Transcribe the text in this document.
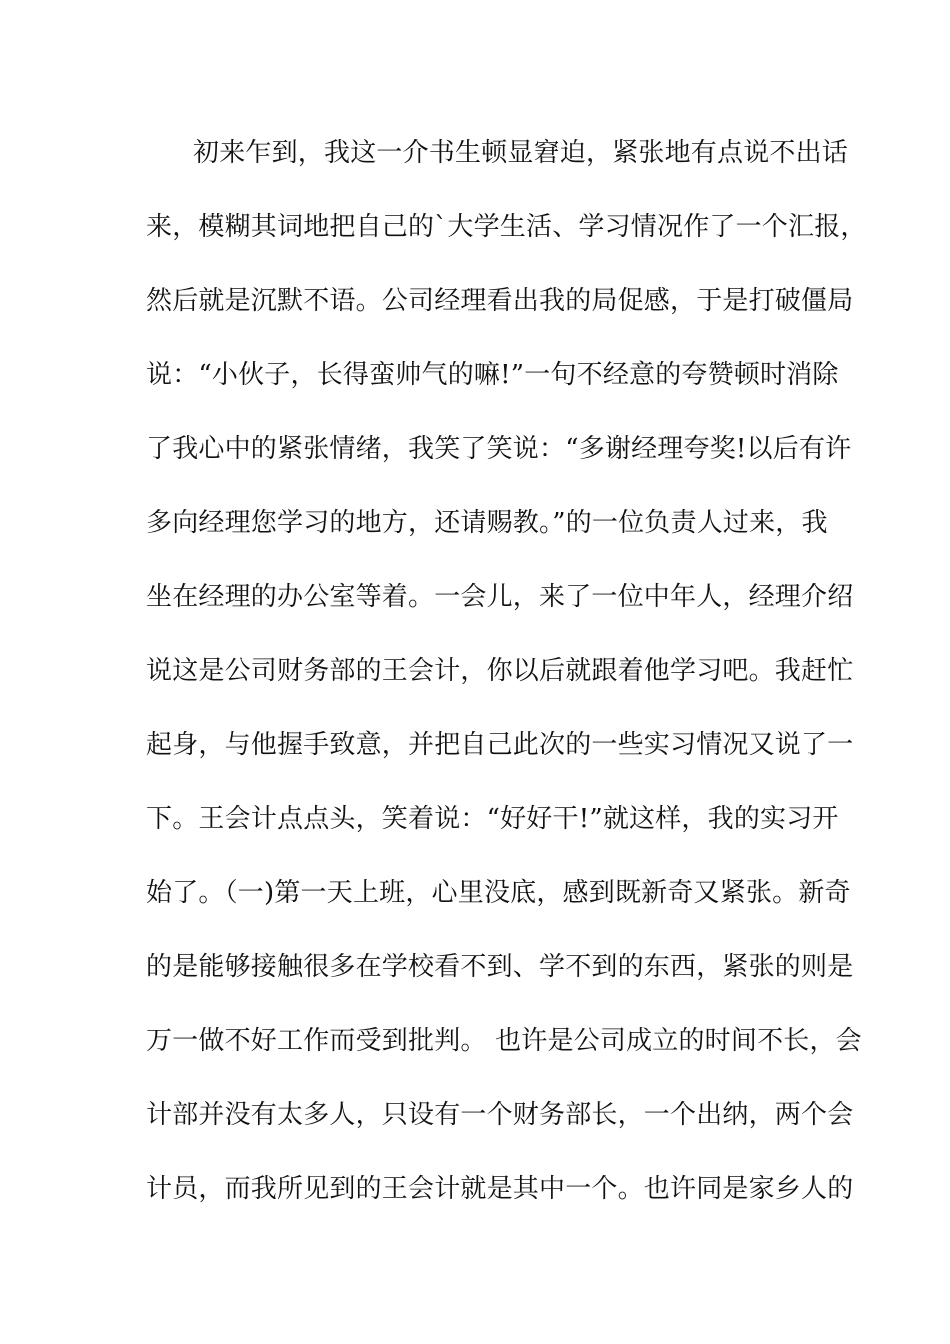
初来乍到，我这一介书生顿显窘迫，紧张地有点说不出话
来，模糊其词地把自己的`大学生活、学习情况作了一个汇报，
然后就是沉默不语。公司经理看出我的局促感，于是打破僵局
说：“小伙子，长得蛮帅气的嘛!”一句不经意的夸赞顿时消除
了我心中的紧张情绪，我笑了笑说：“多谢经理夸奖!以后有许
多向经理您学习的地方，还请赐教。”的一位负责人过来，我
坐在经理的办公室等着。一会儿，来了一位中年人，经理介绍
说这是公司财务部的王会计，你以后就跟着他学习吧。我赶忙
起身，与他握手致意，并把自己此次的一些实习情况又说了一
下。王会计点点头，笑着说：“好好干!”就这样，我的实习开
始了。（一)第一天上班，心里没底，感到既新奇又紧张。新奇
的是能够接触很多在学校看不到、学不到的东西，紧张的则是
万一做不好工作而受到批判。 也许是公司成立的时间不长，会
计部并没有太多人，只设有一个财务部长，一个出纳，两个会
计员，而我所见到的王会计就是其中一个。也许同是家乡人的
